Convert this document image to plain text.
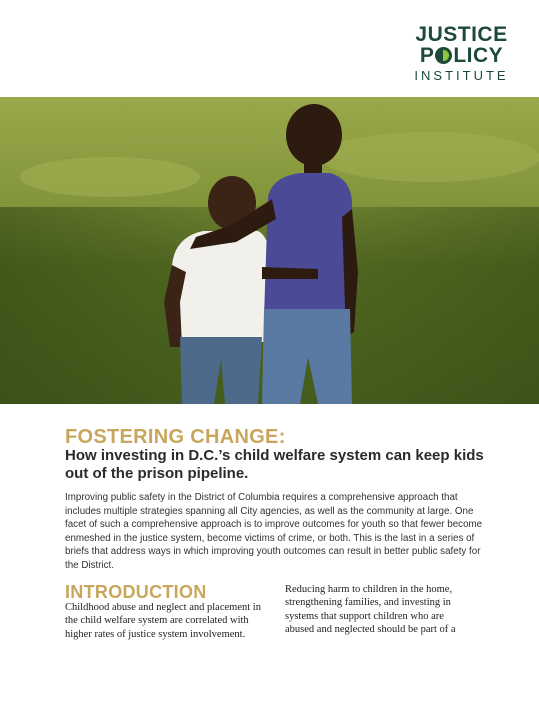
JUSTICE
P LICY
INSTITUTE
FOSTERING CHANGE:
How investing in D.C.’s child welfare system can keep kids out of the prison pipeline.

Improving public safety in the District of Columbia requires a comprehensive approach that includes multiple strategies spanning all City agencies, as well as the community at large. One facet of such a comprehensive approach is to improve outcomes for youth so that fewer become enmeshed in the justice system, become victims of crime, or both. This is the last in a series of briefs that address ways in which improving youth outcomes can result in better public safety for the District.

INTRODUCTION

Childhood abuse and neglect and placement in the child welfare system are correlated with higher rates of justice system involvement.

Reducing harm to children in the home, strengthening families, and investing in systems that support children who are abused and neglected should be part of a
